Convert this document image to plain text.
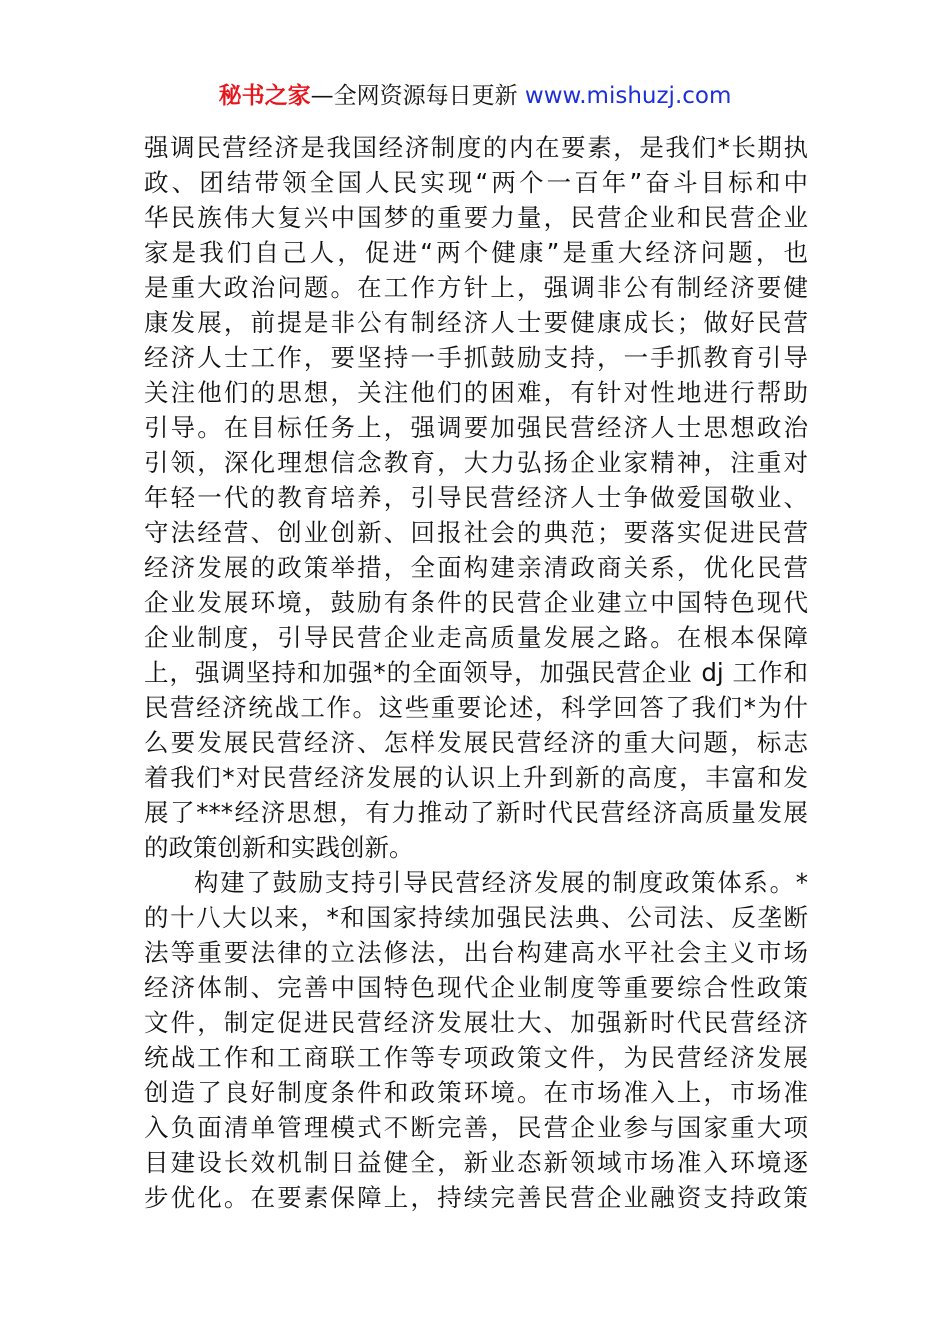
秘书之家—全网资源每日更新 www.mishuzj.com
强调民营经济是我国经济制度的内在要素，是我们*长期执
政、团结带领全国人民实现“两个一百年”奋斗目标和中
华民族伟大复兴中国梦的重要力量，民营企业和民营企业
家是我们自己人，促进“两个健康”是重大经济问题，也
是重大政治问题。在工作方针上，强调非公有制经济要健
康发展，前提是非公有制经济人士要健康成长；做好民营
经济人士工作，要坚持一手抓鼓励支持，一手抓教育引导
关注他们的思想，关注他们的困难，有针对性地进行帮助
引导。在目标任务上，强调要加强民营经济人士思想政治
引领，深化理想信念教育，大力弘扬企业家精神，注重对
年轻一代的教育培养，引导民营经济人士争做爱国敬业、
守法经营、创业创新、回报社会的典范；要落实促进民营
经济发展的政策举措，全面构建亲清政商关系，优化民营
企业发展环境，鼓励有条件的民营企业建立中国特色现代
企业制度，引导民营企业走高质量发展之路。在根本保障
上，强调坚持和加强*的全面领导，加强民营企业 dj 工作和
民营经济统战工作。这些重要论述，科学回答了我们*为什
么要发展民营经济、怎样发展民营经济的重大问题，标志
着我们*对民营经济发展的认识上升到新的高度，丰富和发
展了***经济思想，有力推动了新时代民营经济高质量发展
的政策创新和实践创新。
构建了鼓励支持引导民营经济发展的制度政策体系。*
的十八大以来，*和国家持续加强民法典、公司法、反垄断
法等重要法律的立法修法，出台构建高水平社会主义市场
经济体制、完善中国特色现代企业制度等重要综合性政策
文件，制定促进民营经济发展壮大、加强新时代民营经济
统战工作和工商联工作等专项政策文件，为民营经济发展
创造了良好制度条件和政策环境。在市场准入上，市场准
入负面清单管理模式不断完善，民营企业参与国家重大项
目建设长效机制日益健全，新业态新领域市场准入环境逐
步优化。在要素保障上，持续完善民营企业融资支持政策
